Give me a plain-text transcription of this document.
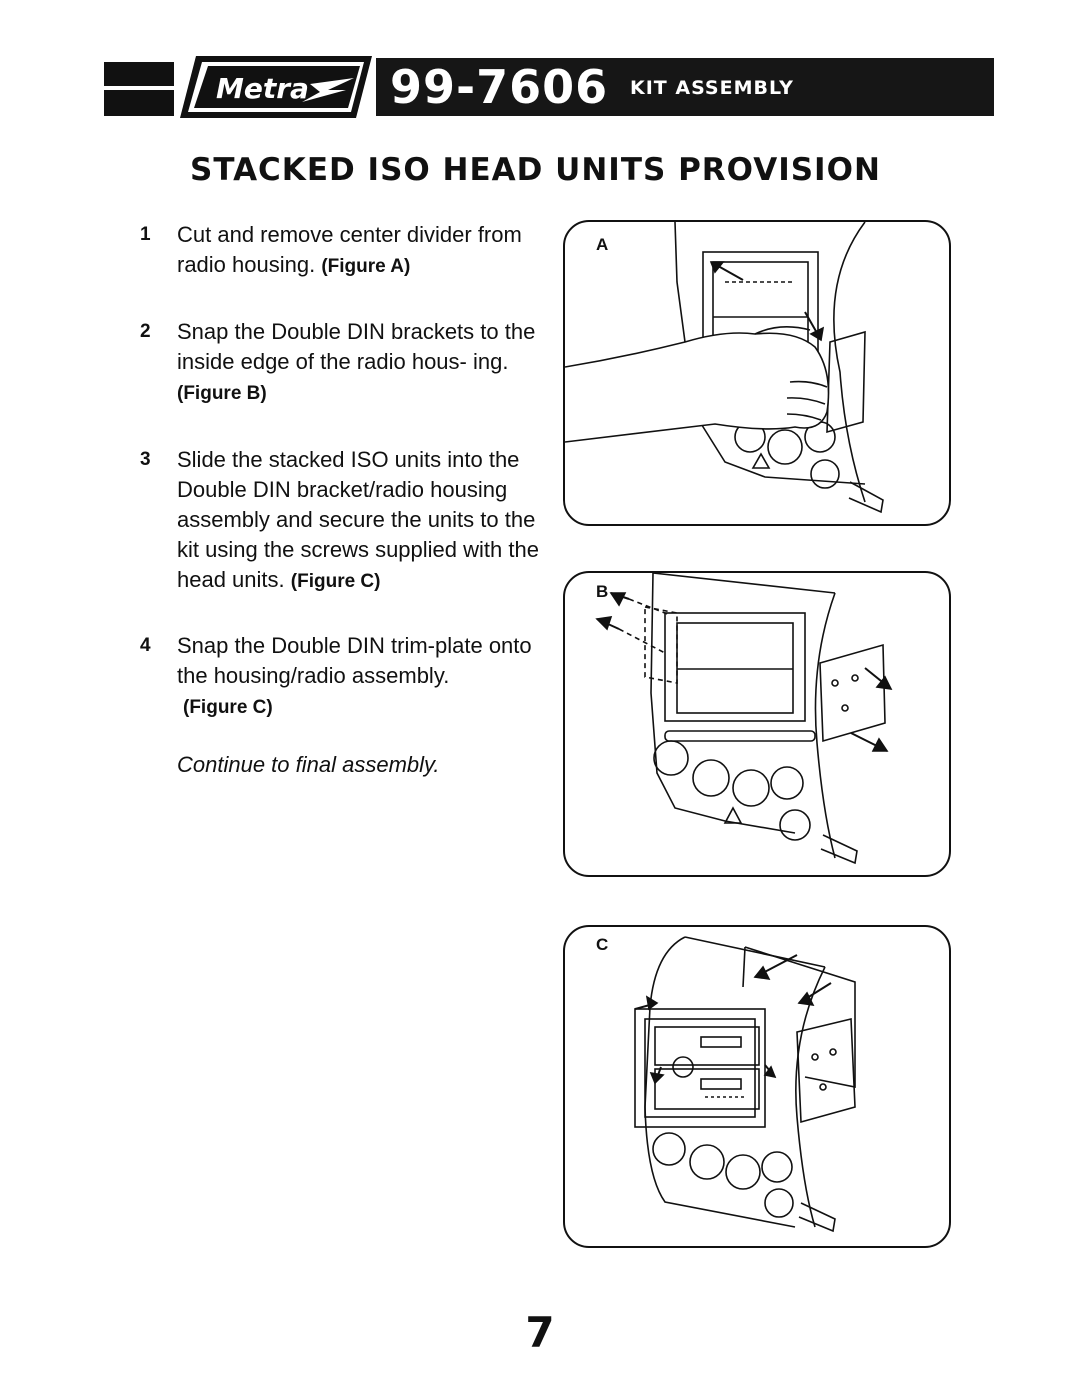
Metra 99-7606 KIT ASSEMBLY
STACKED ISO HEAD UNITS PROVISION
1 Cut and remove center divider from radio housing. (Figure A)
2 Snap the Double DIN brackets to the inside edge of the radio hous- ing. (Figure B)
3 Slide the stacked ISO units into the Double DIN bracket/radio housing assembly and secure the units to the kit using the screws supplied with the head units. (Figure C)
4 Snap the Double DIN trim-plate onto the housing/radio assembly.
(Figure C)
Continue to final assembly.
A
B
C
7
